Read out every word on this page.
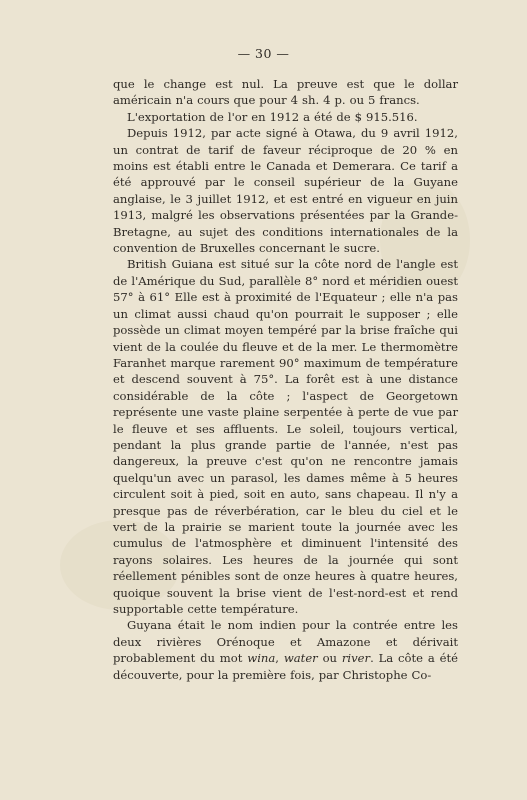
— 30 —

que le change est nul. La preuve est que le dollar américain n'a cours que pour 4 sh. 4 p. ou 5 francs.

L'exportation de l'or en 1912 a été de $ 915.516.

Depuis 1912, par acte signé à Otawa, du 9 avril 1912, un contrat de tarif de faveur réciproque de 20 % en moins est établi entre le Canada et Demerara. Ce tarif a été approuvé par le conseil supérieur de la Guyane anglaise, le 3 juillet 1912, et est entré en vigueur en juin 1913, malgré les observations présentées par la Grande-Bretagne, au sujet des conditions internationales de la convention de Bruxelles concernant le sucre.

British Guiana est situé sur la côte nord de l'angle est de l'Amérique du Sud, parallèle 8° nord et méridien ouest 57° à 61° Elle est à proximité de l'Equateur ; elle n'a pas un climat aussi chaud qu'on pourrait le supposer ; elle possède un climat moyen tempéré par la brise fraîche qui vient de la coulée du fleuve et de la mer. Le thermomètre Faranhet marque rarement 90° maximum de température et descend souvent à 75°. La forêt est à une distance considérable de la côte ; l'aspect de Georgetown représente une vaste plaine serpentée à perte de vue par le fleuve et ses affluents. Le soleil, toujours vertical, pendant la plus grande partie de l'année, n'est pas dangereux, la preuve c'est qu'on ne rencontre jamais quelqu'un avec un parasol, les dames même à 5 heures circulent soit à pied, soit en auto, sans chapeau. Il n'y a presque pas de réverbération, car le bleu du ciel et le vert de la prairie se marient toute la journée avec les cumulus de l'atmosphère et diminuent l'intensité des rayons solaires. Les heures de la journée qui sont réellement pénibles sont de onze heures à quatre heures, quoique souvent la brise vient de l'est-nord-est et rend supportable cette température.

Guyana était le nom indien pour la contrée entre les deux rivières Orénoque et Amazone et dérivait probablement du mot wina, water ou river. La côte a été découverte, pour la première fois, par Christophe Co-
